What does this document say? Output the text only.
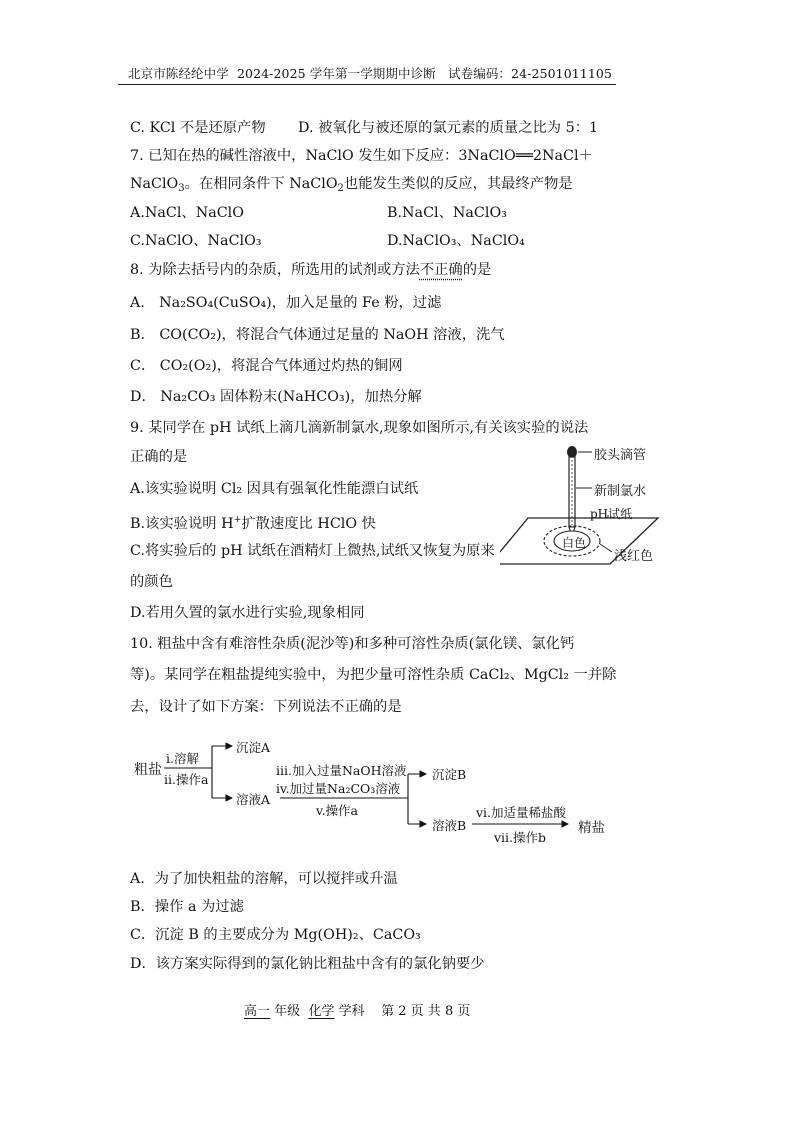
北京市陈经纶中学 2024-2025 学年第一学期期中诊断 试卷编码：24-2501011105
C. KCl 不是还原产物 D. 被氧化与被还原的氯元素的质量之比为 5：1
7. 已知在热的碱性溶液中，NaClO 发生如下反应：3NaClO══2NaCl＋
NaClO$_3$。在相同条件下 NaClO$_2$也能发生类似的反应，其最终产物是
A.NaCl、NaClO	B.NaCl、NaClO₃
C.NaClO、NaClO₃	D.NaClO₃、NaClO₄
8. 为除去括号内的杂质，所选用的试剂或方法不正确的是
A． Na₂SO₄(CuSO₄)，加入足量的 Fe 粉，过滤
B． CO(CO₂)，将混合气体通过足量的 NaOH 溶液，洗气
C． CO₂(O₂)，将混合气体通过灼热的铜网
D． Na₂CO₃ 固体粉末(NaHCO₃)，加热分解
9. 某同学在 pH 试纸上滴几滴新制氯水,现象如图所示,有关该实验的说法
正确的是
A.该实验说明 Cl₂ 因具有强氧化性能漂白试纸
B.该实验说明 H+扩散速度比 HClO 快
C.将实验后的 pH 试纸在酒精灯上微热,试纸又恢复为原来
的颜色
D.若用久置的氯水进行实验,现象相同
胶头滴管
新制氯水
pH试纸
白色
浅红色
10. 粗盐中含有难溶性杂质(泥沙等)和多种可溶性杂质(氯化镁、氯化钙
等)。某同学在粗盐提纯实验中，为把少量可溶性杂质 CaCl₂、MgCl₂ 一并除
去，设计了如下方案：下列说法不正确的是
粗盐
i.溶解
ii.操作a
沉淀A
溶液A
iii.加入过量NaOH溶液
iv.加过量Na₂CO₃溶液
v.操作a
沉淀B
溶液B
vi.加适量稀盐酸
vii.操作b
精盐
A．为了加快粗盐的溶解，可以搅拌或升温
B．操作 a 为过滤
C．沉淀 B 的主要成分为 Mg(OH)₂、CaCO₃
D．该方案实际得到的氯化钠比粗盐中含有的氯化钠要少
高一 年级 化学 学科 第 2 页 共 8 页
